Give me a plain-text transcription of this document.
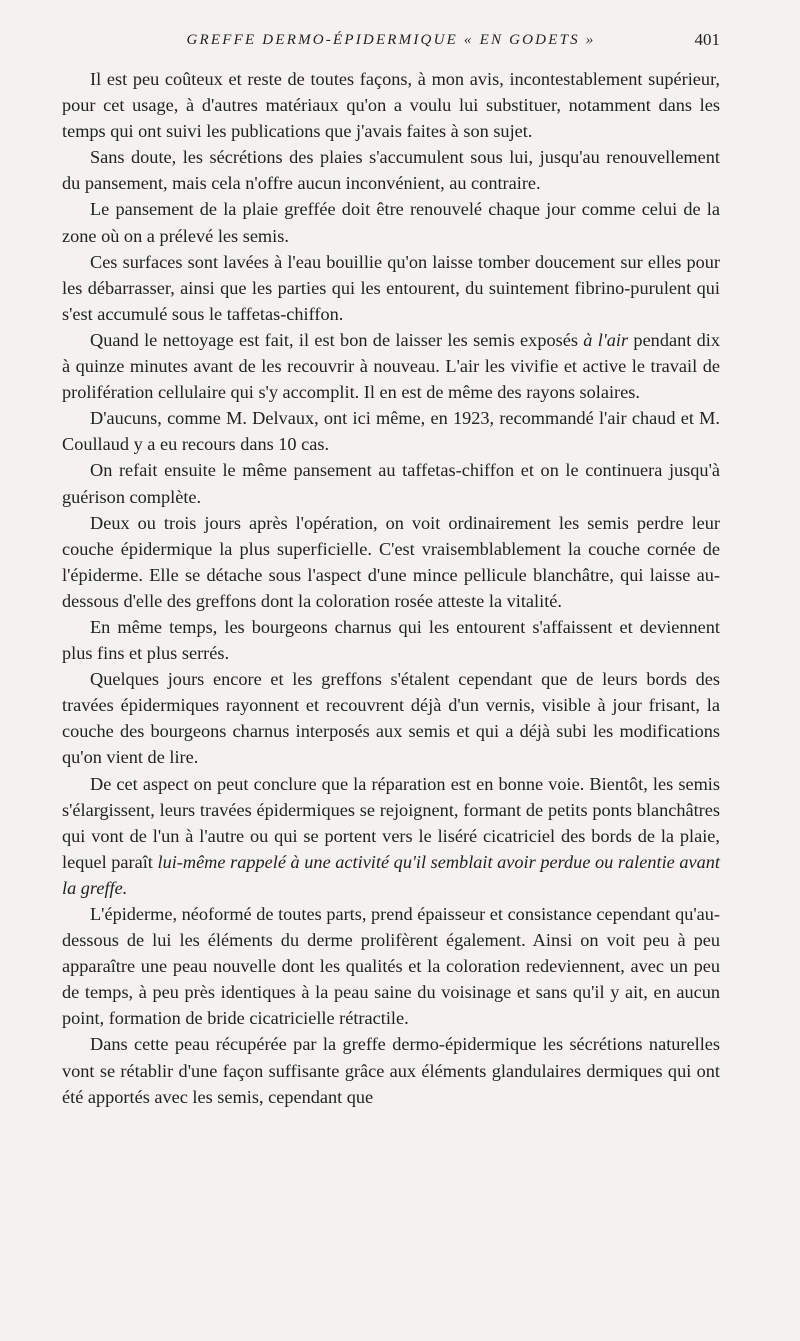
GREFFE DERMO-ÉPIDERMIQUE « EN GODETS »	401

Il est peu coûteux et reste de toutes façons, à mon avis, incontestablement supérieur, pour cet usage, à d'autres matériaux qu'on a voulu lui substituer, notamment dans les temps qui ont suivi les publications que j'avais faites à son sujet.

Sans doute, les sécrétions des plaies s'accumulent sous lui, jusqu'au renouvellement du pansement, mais cela n'offre aucun inconvénient, au contraire.

Le pansement de la plaie greffée doit être renouvelé chaque jour comme celui de la zone où on a prélevé les semis.

Ces surfaces sont lavées à l'eau bouillie qu'on laisse tomber doucement sur elles pour les débarrasser, ainsi que les parties qui les entourent, du suintement fibrino-purulent qui s'est accumulé sous le taffetas-chiffon.

Quand le nettoyage est fait, il est bon de laisser les semis exposés à l'air pendant dix à quinze minutes avant de les recouvrir à nouveau. L'air les vivifie et active le travail de prolifération cellulaire qui s'y accomplit. Il en est de même des rayons solaires.

D'aucuns, comme M. Delvaux, ont ici même, en 1923, recommandé l'air chaud et M. Coullaud y a eu recours dans 10 cas.

On refait ensuite le même pansement au taffetas-chiffon et on le continuera jusqu'à guérison complète.

Deux ou trois jours après l'opération, on voit ordinairement les semis perdre leur couche épidermique la plus superficielle. C'est vraisemblablement la couche cornée de l'épiderme. Elle se détache sous l'aspect d'une mince pellicule blanchâtre, qui laisse au-dessous d'elle des greffons dont la coloration rosée atteste la vitalité.

En même temps, les bourgeons charnus qui les entourent s'affaissent et deviennent plus fins et plus serrés.

Quelques jours encore et les greffons s'étalent cependant que de leurs bords des travées épidermiques rayonnent et recouvrent déjà d'un vernis, visible à jour frisant, la couche des bourgeons charnus interposés aux semis et qui a déjà subi les modifications qu'on vient de lire.

De cet aspect on peut conclure que la réparation est en bonne voie. Bientôt, les semis s'élargissent, leurs travées épidermiques se rejoignent, formant de petits ponts blanchâtres qui vont de l'un à l'autre ou qui se portent vers le liséré cicatriciel des bords de la plaie, lequel paraît lui-même rappelé à une activité qu'il semblait avoir perdue ou ralentie avant la greffe.

L'épiderme, néoformé de toutes parts, prend épaisseur et consistance cependant qu'au-dessous de lui les éléments du derme prolifèrent également. Ainsi on voit peu à peu apparaître une peau nouvelle dont les qualités et la coloration redeviennent, avec un peu de temps, à peu près identiques à la peau saine du voisinage et sans qu'il y ait, en aucun point, formation de bride cicatricielle rétractile.

Dans cette peau récupérée par la greffe dermo-épidermique les sécrétions naturelles vont se rétablir d'une façon suffisante grâce aux éléments glandulaires dermiques qui ont été apportés avec les semis, cependant que
